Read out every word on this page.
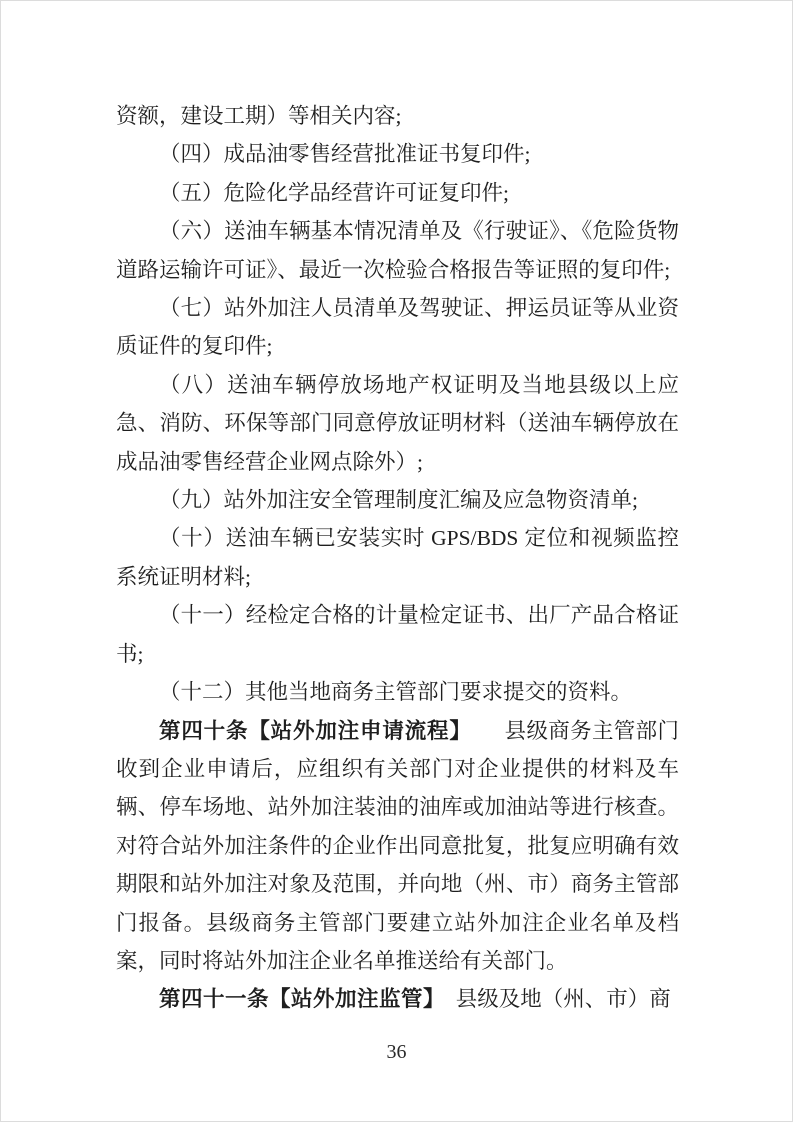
资额，建设工期）等相关内容;

（四）成品油零售经营批准证书复印件;

（五）危险化学品经营许可证复印件;

（六）送油车辆基本情况清单及《行驶证》、《危险货物道路运输许可证》、最近一次检验合格报告等证照的复印件;

（七）站外加注人员清单及驾驶证、押运员证等从业资质证件的复印件;

（八）送油车辆停放场地产权证明及当地县级以上应急、消防、环保等部门同意停放证明材料（送油车辆停放在成品油零售经营企业网点除外）;

（九）站外加注安全管理制度汇编及应急物资清单;

（十）送油车辆已安装实时 GPS/BDS 定位和视频监控系统证明材料;

（十一）经检定合格的计量检定证书、出厂产品合格证书;

（十二）其他当地商务主管部门要求提交的资料。

第四十条【站外加注申请流程】　　县级商务主管部门收到企业申请后，应组织有关部门对企业提供的材料及车辆、停车场地、站外加注装油的油库或加油站等进行核查。对符合站外加注条件的企业作出同意批复，批复应明确有效期限和站外加注对象及范围，并向地（州、市）商务主管部门报备。县级商务主管部门要建立站外加注企业名单及档案，同时将站外加注企业名单推送给有关部门。

第四十一条【站外加注监管】　县级及地（州、市）商

36
